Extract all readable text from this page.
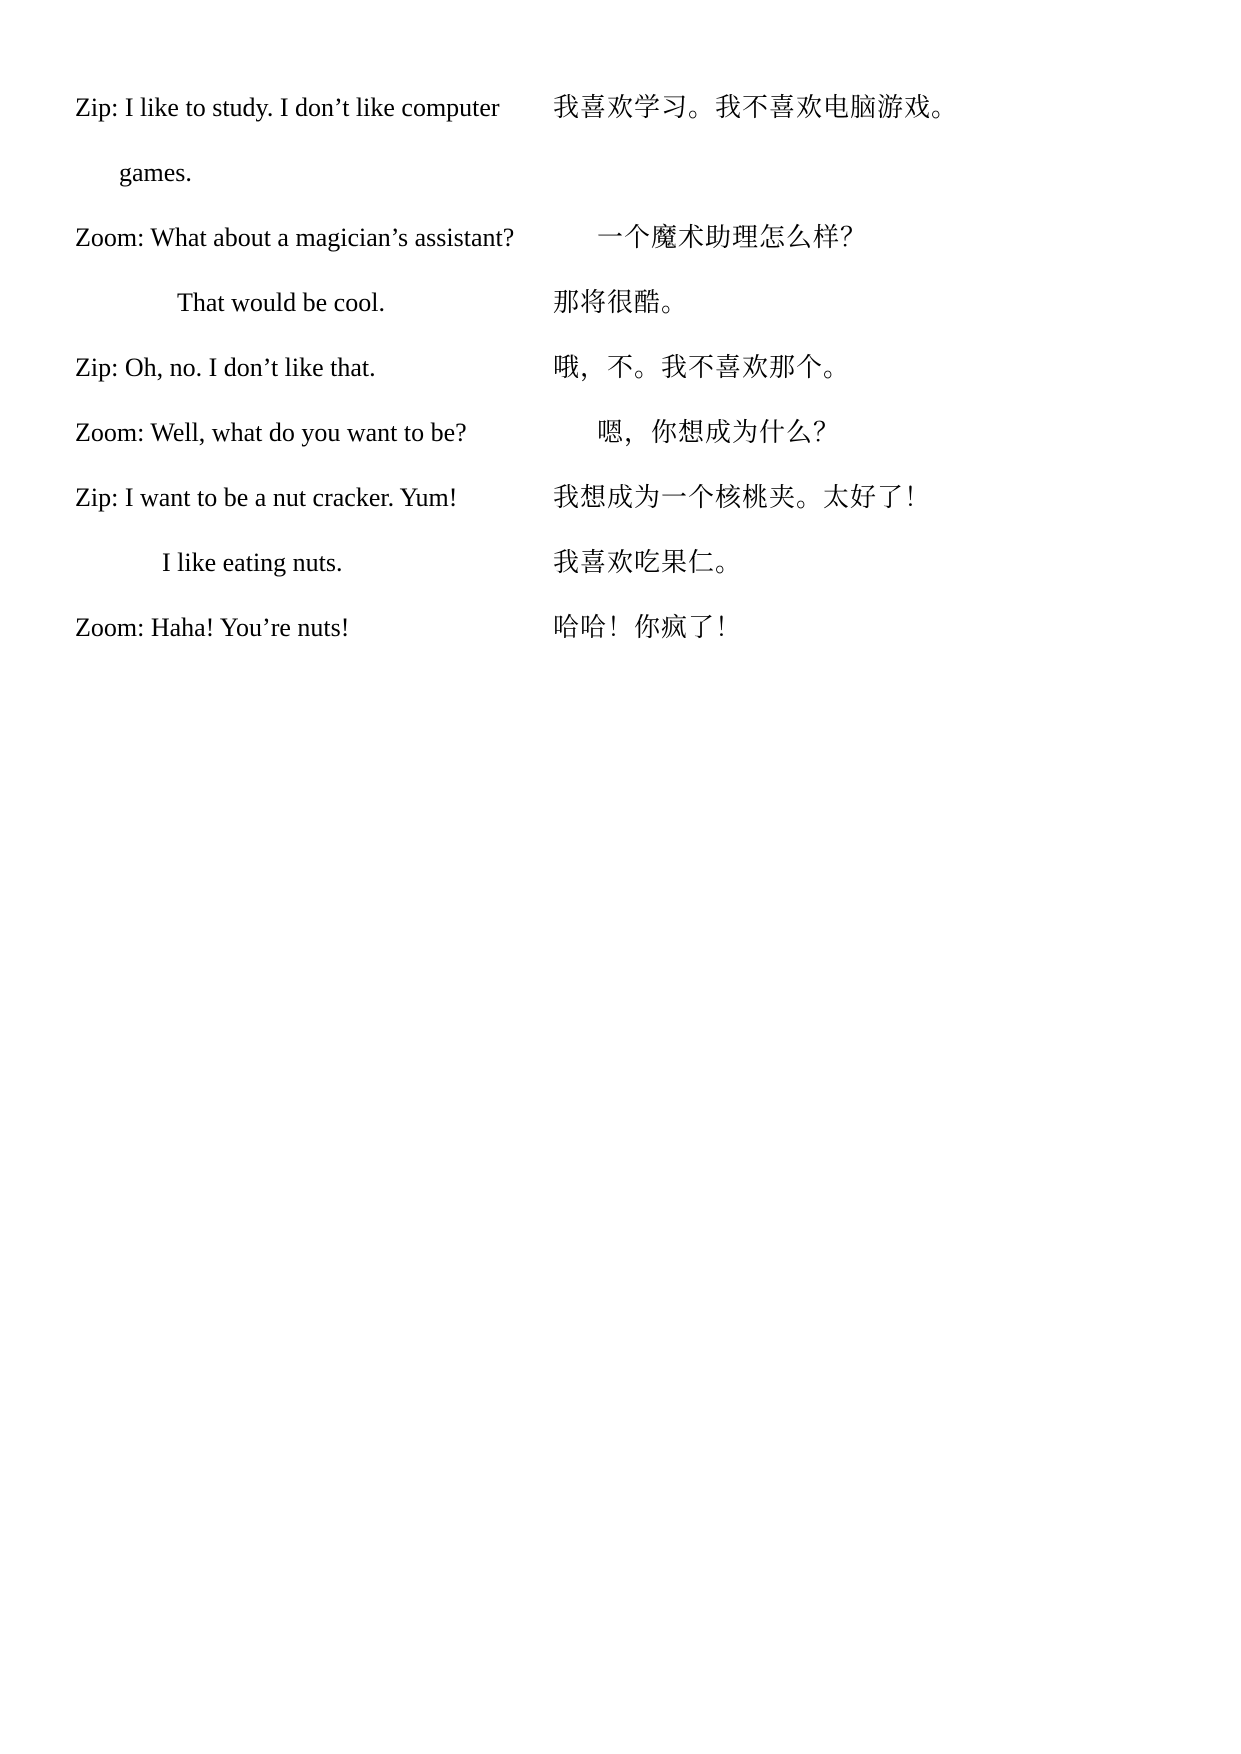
Zip: I like to study. I don’t like computer 我喜欢学习。我不喜欢电脑游戏。
games.
Zoom: What about a magician’s assistant?	一个魔术助理怎么样？
That would be cool.	那将很酷。
Zip: Oh, no. I don’t like that.	哦，不。我不喜欢那个。
Zoom: Well, what do you want to be?	嗯，你想成为什么？
Zip: I want to be a nut cracker. Yum!	我想成为一个核桃夹。太好了！
I like eating nuts.	我喜欢吃果仁。
Zoom: Haha! You’re nuts!	哈哈！你疯了！
